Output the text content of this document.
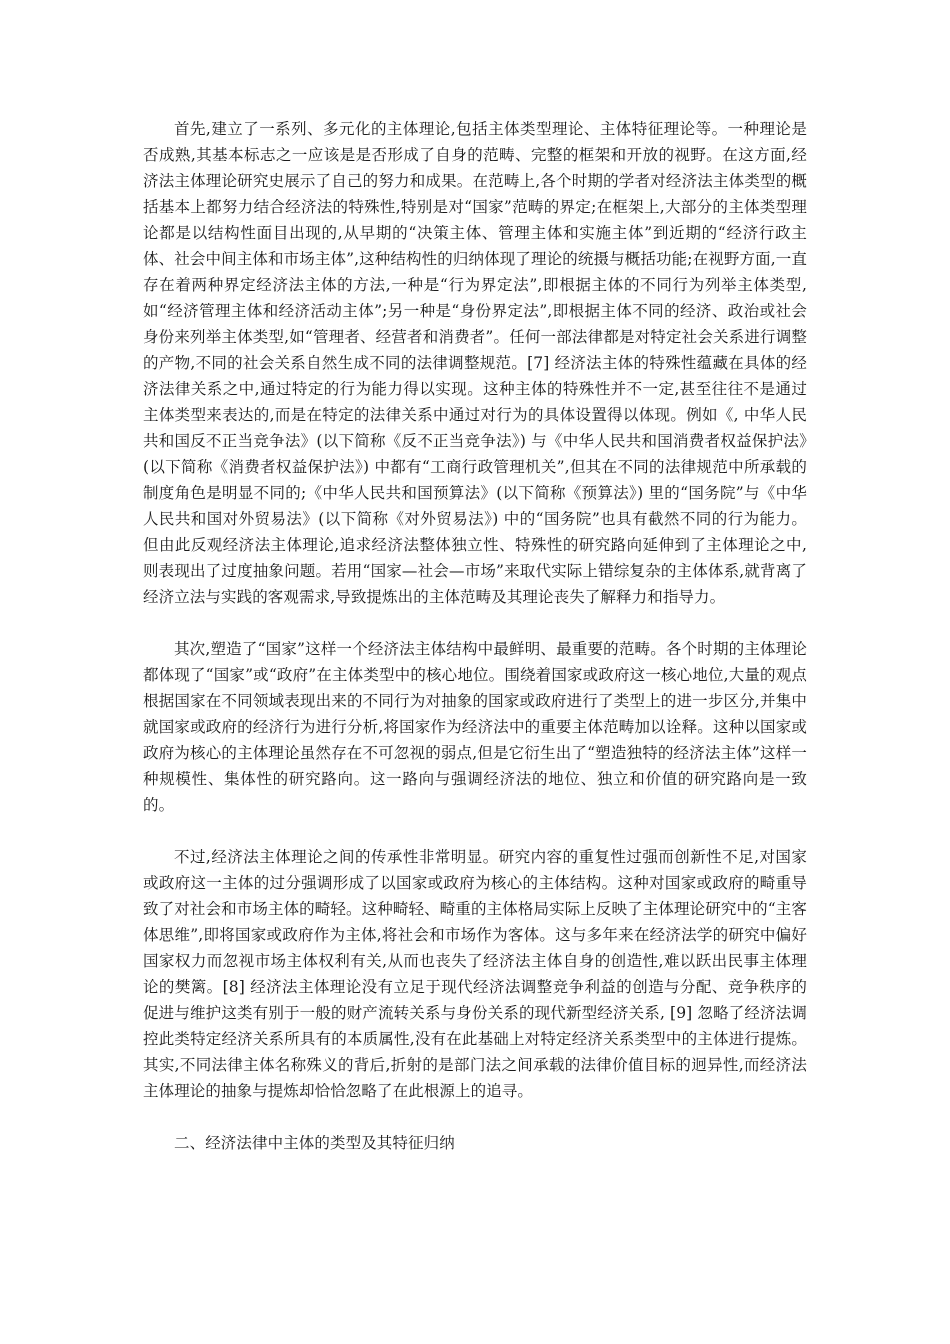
首先,建立了一系列、多元化的主体理论,包括主体类型理论、主体特征理论等。一种理论是否成熟,其基本标志之一应该是是否形成了自身的范畴、完整的框架和开放的视野。在这方面,经济法主体理论研究史展示了自己的努力和成果。在范畴上,各个时期的学者对经济法主体类型的概括基本上都努力结合经济法的特殊性,特别是对“国家”范畴的界定;在框架上,大部分的主体类型理论都是以结构性面目出现的,从早期的“决策主体、管理主体和实施主体”到近期的“经济行政主体、社会中间主体和市场主体”,这种结构性的归纳体现了理论的统摄与概括功能;在视野方面,一直存在着两种界定经济法主体的方法,一种是“行为界定法”,即根据主体的不同行为列举主体类型,如“经济管理主体和经济活动主体”;另一种是“身份界定法”,即根据主体不同的经济、政治或社会身份来列举主体类型,如“管理者、经营者和消费者”。任何一部法律都是对特定社会关系进行调整的产物,不同的社会关系自然生成不同的法律调整规范。[7] 经济法主体的特殊性蕴藏在具体的经济法律关系之中,通过特定的行为能力得以实现。这种主体的特殊性并不一定,甚至往往不是通过主体类型来表达的,而是在特定的法律关系中通过对行为的具体设置得以体现。例如《, 中华人民共和国反不正当竞争法》(以下简称《反不正当竞争法》) 与《中华人民共和国消费者权益保护法》(以下简称《消费者权益保护法》) 中都有“工商行政管理机关”,但其在不同的法律规范中所承载的制度角色是明显不同的;《中华人民共和国预算法》(以下简称《预算法》) 里的“国务院”与《中华人民共和国对外贸易法》(以下简称《对外贸易法》) 中的“国务院”也具有截然不同的行为能力。但由此反观经济法主体理论,追求经济法整体独立性、特殊性的研究路向延伸到了主体理论之中,则表现出了过度抽象问题。若用“国家—社会—市场”来取代实际上错综复杂的主体体系,就背离了经济立法与实践的客观需求,导致提炼出的主体范畴及其理论丧失了解释力和指导力。

其次,塑造了“国家”这样一个经济法主体结构中最鲜明、最重要的范畴。各个时期的主体理论都体现了“国家”或“政府”在主体类型中的核心地位。围绕着国家或政府这一核心地位,大量的观点根据国家在不同领域表现出来的不同行为对抽象的国家或政府进行了类型上的进一步区分,并集中就国家或政府的经济行为进行分析,将国家作为经济法中的重要主体范畴加以诠释。这种以国家或政府为核心的主体理论虽然存在不可忽视的弱点,但是它衍生出了“塑造独特的经济法主体”这样一种规模性、集体性的研究路向。这一路向与强调经济法的地位、独立和价值的研究路向是一致的。

不过,经济法主体理论之间的传承性非常明显。研究内容的重复性过强而创新性不足,对国家或政府这一主体的过分强调形成了以国家或政府为核心的主体结构。这种对国家或政府的畸重导致了对社会和市场主体的畸轻。这种畸轻、畸重的主体格局实际上反映了主体理论研究中的“主客体思维”,即将国家或政府作为主体,将社会和市场作为客体。这与多年来在经济法学的研究中偏好国家权力而忽视市场主体权利有关,从而也丧失了经济法主体自身的创造性,难以跃出民事主体理论的樊篱。[8] 经济法主体理论没有立足于现代经济法调整竞争利益的创造与分配、竞争秩序的促进与维护这类有别于一般的财产流转关系与身份关系的现代新型经济关系, [9] 忽略了经济法调控此类特定经济关系所具有的本质属性,没有在此基础上对特定经济关系类型中的主体进行提炼。其实,不同法律主体名称殊义的背后,折射的是部门法之间承载的法律价值目标的迥异性,而经济法主体理论的抽象与提炼却恰恰忽略了在此根源上的追寻。

二、经济法律中主体的类型及其特征归纳
